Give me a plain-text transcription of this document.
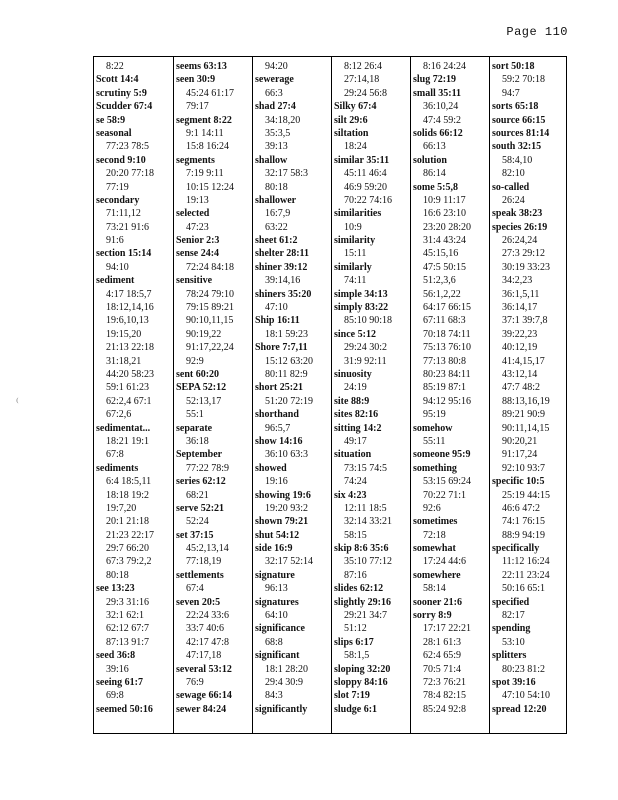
Page 110
⁽
8:22
Scott 14:4
scrutiny 5:9
Scudder 67:4
se 58:9
seasonal
77:23 78:5
second 9:10
20:20 77:18
77:19
secondary
71:11,12
73:21 91:6
91:6
section 15:14
94:10
sediment
4:17 18:5,7
18:12,14,16
19:6,10,13
19:15,20
21:13 22:18
31:18,21
44:20 58:23
59:1 61:23
62:2,4 67:1
67:2,6
sedimentat...
18:21 19:1
67:8
sediments
6:4 18:5,11
18:18 19:2
19:7,20
20:1 21:18
21:23 22:17
29:7 66:20
67:3 79:2,2
80:18
see 13:23
29:3 31:16
32:1 62:1
62:12 67:7
87:13 91:7
seed 36:8
39:16
seeing 61:7
69:8
seemed 50:16
seems 63:13
seen 30:9
45:24 61:17
79:17
segment 8:22
9:1 14:11
15:8 16:24
segments
7:19 9:11
10:15 12:24
19:13
selected
47:23
Senior 2:3
sense 24:4
72:24 84:18
sensitive
78:24 79:10
79:15 89:21
90:10,11,15
90:19,22
91:17,22,24
92:9
sent 60:20
SEPA 52:12
52:13,17
55:1
separate
36:18
September
77:22 78:9
series 62:12
68:21
serve 52:21
52:24
set 37:15
45:2,13,14
77:18,19
settlements
67:4
seven 20:5
22:24 33:6
33:7 40:6
42:17 47:8
47:17,18
several 53:12
76:9
sewage 66:14
sewer 84:24
94:20
sewerage
66:3
shad 27:4
34:18,20
35:3,5
39:13
shallow
32:17 58:3
80:18
shallower
16:7,9
63:22
sheet 61:2
shelter 28:11
shiner 39:12
39:14,16
shiners 35:20
47:10
Ship 16:11
18:1 59:23
Shore 7:7,11
15:12 63:20
80:11 82:9
short 25:21
51:20 72:19
shorthand
96:5,7
show 14:16
36:10 63:3
showed
19:16
showing 19:6
19:20 93:2
shown 79:21
shut 54:12
side 16:9
32:17 52:14
signature
96:13
signatures
64:10
significance
68:8
significant
18:1 28:20
29:4 30:9
84:3
significantly
8:12 26:4
27:14,18
29:24 56:8
Silky 67:4
silt 29:6
siltation
18:24
similar 35:11
45:11 46:4
46:9 59:20
70:22 74:16
similarities
10:9
similarity
15:11
similarly
74:11
simple 34:13
simply 83:22
85:10 90:18
since 5:12
29:24 30:2
31:9 92:11
sinuosity
24:19
site 88:9
sites 82:16
sitting 14:2
49:17
situation
73:15 74:5
74:24
six 4:23
12:11 18:5
32:14 33:21
58:15
skip 8:6 35:6
35:10 77:12
87:16
slides 62:12
slightly 29:16
29:21 34:7
51:12
slips 6:17
58:1,5
sloping 32:20
sloppy 84:16
slot 7:19
sludge 6:1
8:16 24:24
slug 72:19
small 35:11
36:10,24
47:4 59:2
solids 66:12
66:13
solution
86:14
some 5:5,8
10:9 11:17
16:6 23:10
23:20 28:20
31:4 43:24
45:15,16
47:5 50:15
51:2,3,6
56:1,2,22
64:17 66:15
67:11 68:3
70:18 74:11
75:13 76:10
77:13 80:8
80:23 84:11
85:19 87:1
94:12 95:16
95:19
somehow
55:11
someone 95:9
something
53:15 69:24
70:22 71:1
92:6
sometimes
72:18
somewhat
17:24 44:6
somewhere
58:14
sooner 21:6
sorry 8:9
17:17 22:21
28:1 61:3
62:4 65:9
70:5 71:4
72:3 76:21
78:4 82:15
85:24 92:8
sort 50:18
59:2 70:18
94:7
sorts 65:18
source 66:15
sources 81:14
south 32:15
58:4,10
82:10
so-called
26:24
speak 38:23
species 26:19
26:24,24
27:3 29:12
30:19 33:23
34:2,23
36:1,5,11
36:14,17
37:1 39:7,8
39:22,23
40:12,19
41:4,15,17
43:12,14
47:7 48:2
88:13,16,19
89:21 90:9
90:11,14,15
90:20,21
91:17,24
92:10 93:7
specific 10:5
25:19 44:15
46:6 47:2
74:1 76:15
88:9 94:19
specifically
11:12 16:24
22:11 23:24
50:16 65:1
specified
82:17
spending
53:10
splitters
80:23 81:2
spot 39:16
47:10 54:10
spread 12:20
